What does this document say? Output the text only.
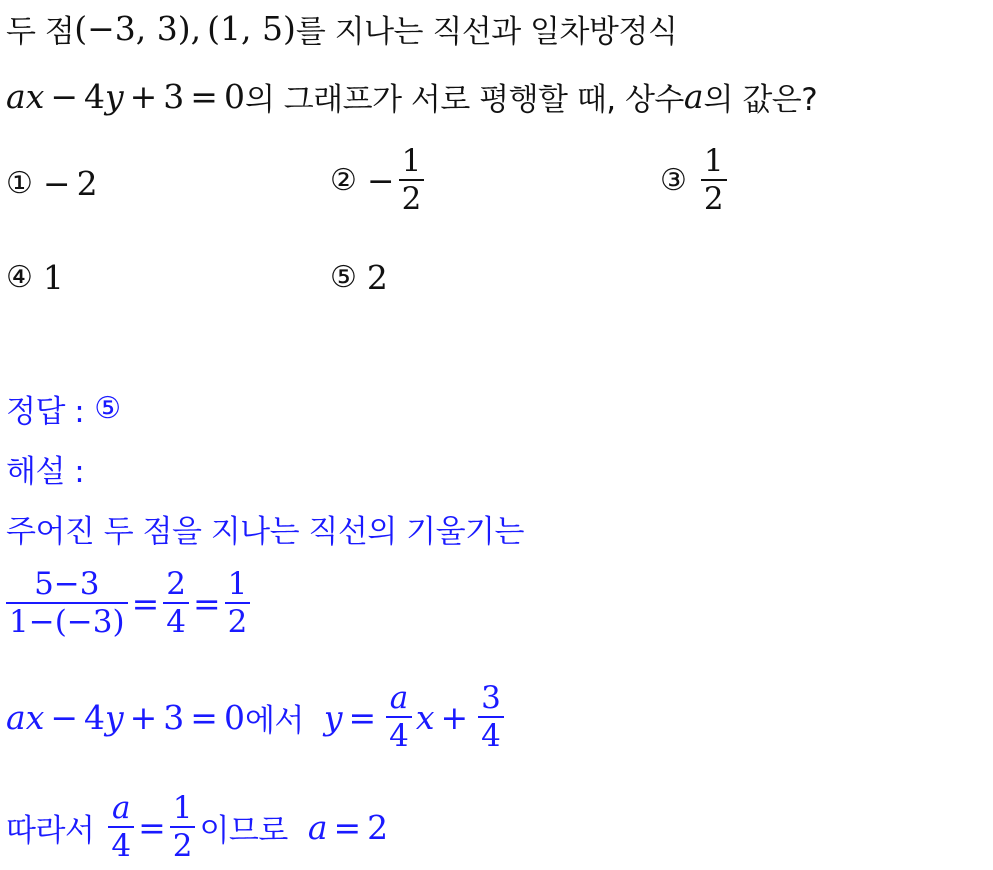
두 점 (−3, 3), (1, 5) 를 지나는 직선과 일차방정식
a x − 4 y + 3 = 0 의 그래프가 서로 평행할 때, 상수 a 의 값은?
① − 2	② − $\frac{1}{2}$	③ $\frac{1}{2}$
④ 1	⑤ 2
정답 : ⑤
해설 :
주어진 두 점을 지나는 직선의 기울기는
$\frac{5-3}{1-(-3)} = \frac{2}{4} = \frac{1}{2}$
a x − 4 y + 3 = 0 에서 $y = \frac{a}{4}$ $x + \frac{3}{4}$
따라서 $\frac{a}{4} = \frac{1}{2}$ 이므로 a = 2
